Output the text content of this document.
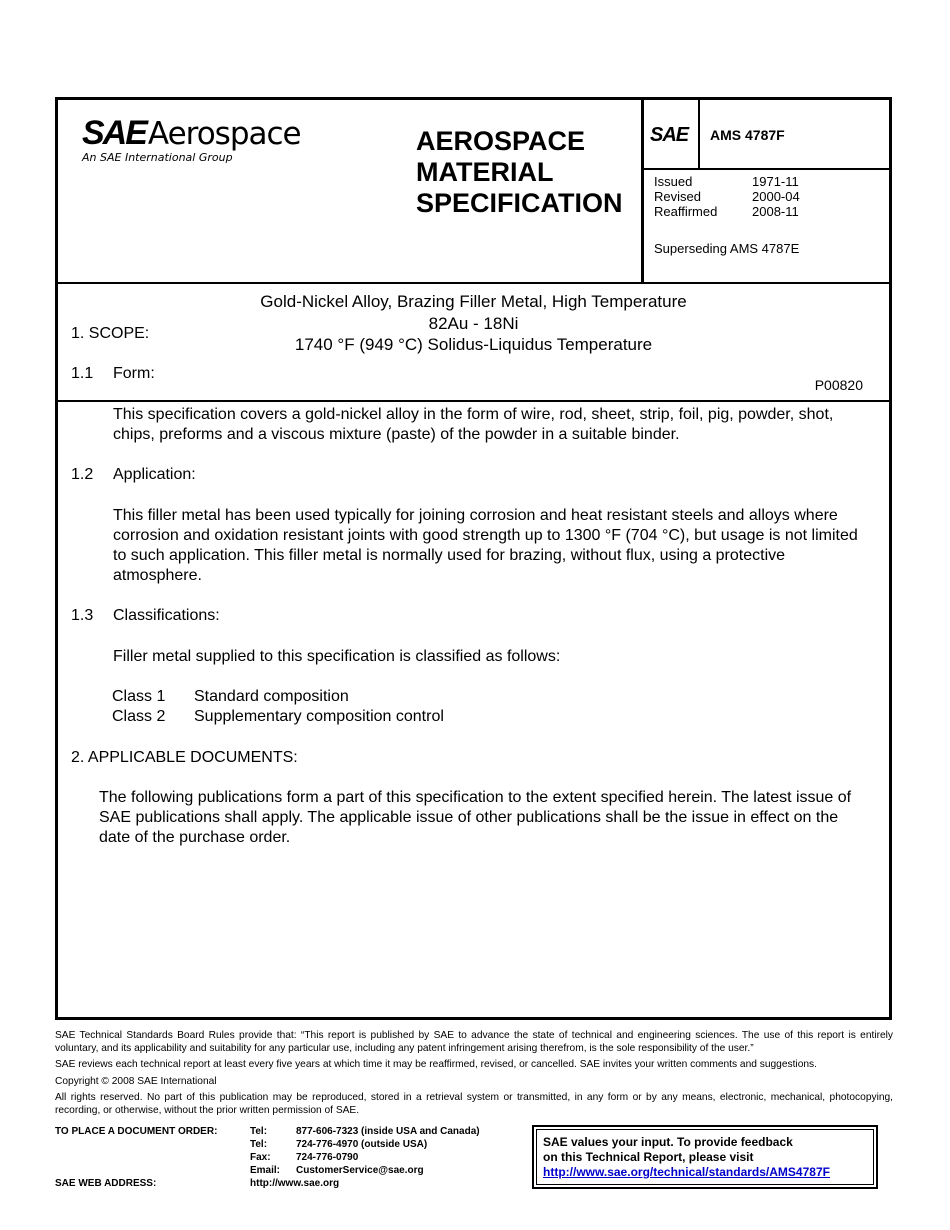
SAE Aerospace
An SAE International Group
AEROSPACE
MATERIAL
SPECIFICATION
SAE AMS 4787F
Issued	1971-11
Revised	2000-04
Reaffirmed	2008-11
Superseding AMS 4787E
Gold-Nickel Alloy, Brazing Filler Metal, High Temperature
82Au - 18Ni
1740 °F (949 °C) Solidus-Liquidus Temperature
P00820
1. SCOPE:
1.1 Form:
This specification covers a gold-nickel alloy in the form of wire, rod, sheet, strip, foil, pig, powder, shot, chips, preforms and a viscous mixture (paste) of the powder in a suitable binder.
1.2 Application:
This filler metal has been used typically for joining corrosion and heat resistant steels and alloys where corrosion and oxidation resistant joints with good strength up to 1300 °F (704 °C), but usage is not limited to such application. This filler metal is normally used for brazing, without flux, using a protective atmosphere.
1.3 Classifications:
Filler metal supplied to this specification is classified as follows:
Class 1 Standard composition
Class 2 Supplementary composition control
2. APPLICABLE DOCUMENTS:
The following publications form a part of this specification to the extent specified herein. The latest issue of SAE publications shall apply. The applicable issue of other publications shall be the issue in effect on the date of the purchase order.

SAE Technical Standards Board Rules provide that: “This report is published by SAE to advance the state of technical and engineering sciences. The use of this report is entirely voluntary, and its applicability and suitability for any particular use, including any patent infringement arising therefrom, is the sole responsibility of the user.”

SAE reviews each technical report at least every five years at which time it may be reaffirmed, revised, or cancelled. SAE invites your written comments and suggestions.

Copyright © 2008 SAE International

All rights reserved. No part of this publication may be reproduced, stored in a retrieval system or transmitted, in any form or by any means, electronic, mechanical, photocopying, recording, or otherwise, without the prior written permission of SAE.

TO PLACE A DOCUMENT ORDER:	Tel:	877-606-7323 (inside USA and Canada)
Tel:	724-776-4970 (outside USA)
Fax:	724-776-0790
Email:	CustomerService@sae.org
SAE WEB ADDRESS:	http://www.sae.org
SAE values your input. To provide feedback
on this Technical Report, please visit
http://www.sae.org/technical/standards/AMS4787F
